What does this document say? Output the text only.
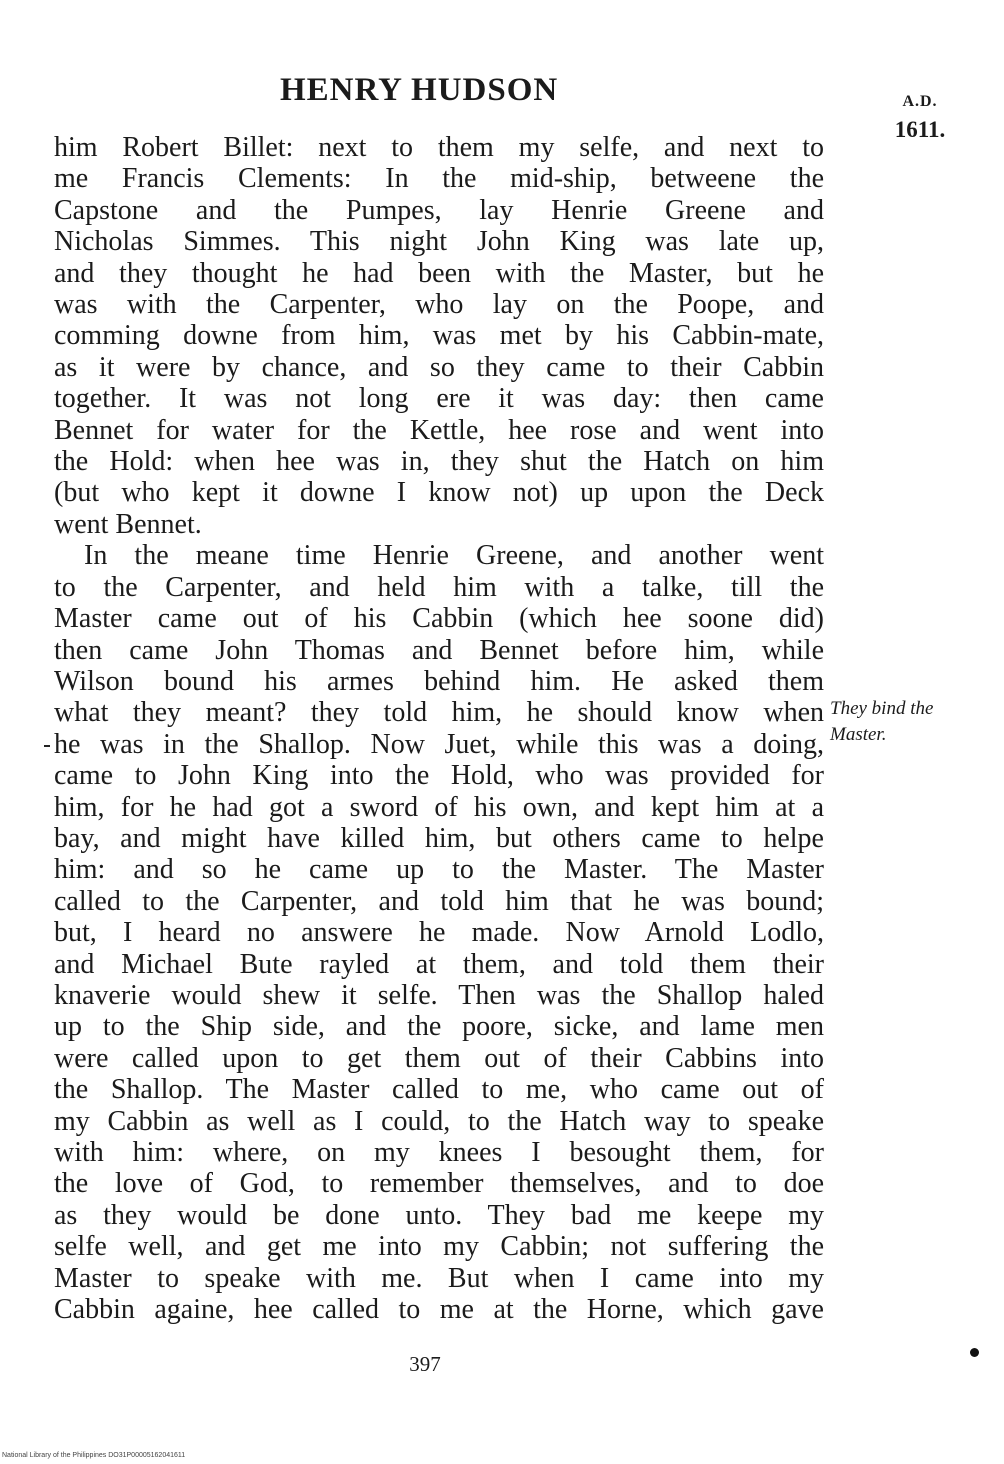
HENRY HUDSON	A.D.
1611.
him Robert Billet: next to them my selfe, and next to
me Francis Clements: In the mid-ship, betweene the
Capstone and the Pumpes, lay Henrie Greene and
Nicholas Simmes. This night John King was late up,
and they thought he had been with the Master, but he
was with the Carpenter, who lay on the Poope, and
comming downe from him, was met by his Cabbin-mate,
as it were by chance, and so they came to their Cabbin
together. It was not long ere it was day: then came
Bennet for water for the Kettle, hee rose and went into
the Hold: when hee was in, they shut the Hatch on him
(but who kept it downe I know not) up upon the Deck
went Bennet.
In the meane time Henrie Greene, and another went
to the Carpenter, and held him with a talke, till the
Master came out of his Cabbin (which hee soone did)
then came John Thomas and Bennet before him, while
Wilson bound his armes behind him. He asked them
what they meant? they told him, he should know when
he was in the Shallop. Now Juet, while this was a doing,
came to John King into the Hold, who was provided for
him, for he had got a sword of his own, and kept him at a
bay, and might have killed him, but others came to helpe
him: and so he came up to the Master. The Master
called to the Carpenter, and told him that he was bound;
but, I heard no answere he made. Now Arnold Lodlo,
and Michael Bute rayled at them, and told them their
knaverie would shew it selfe. Then was the Shallop haled
up to the Ship side, and the poore, sicke, and lame men
were called upon to get them out of their Cabbins into
the Shallop. The Master called to me, who came out of
my Cabbin as well as I could, to the Hatch way to speake
with him: where, on my knees I besought them, for
the love of God, to remember themselves, and to doe
as they would be done unto. They bad me keepe my
selfe well, and get me into my Cabbin; not suffering the
Master to speake with me. But when I came into my
Cabbin againe, hee called to me at the Horne, which gave
They bind the
Master.
397
National Library of the Philippines DO31P00005162041611
